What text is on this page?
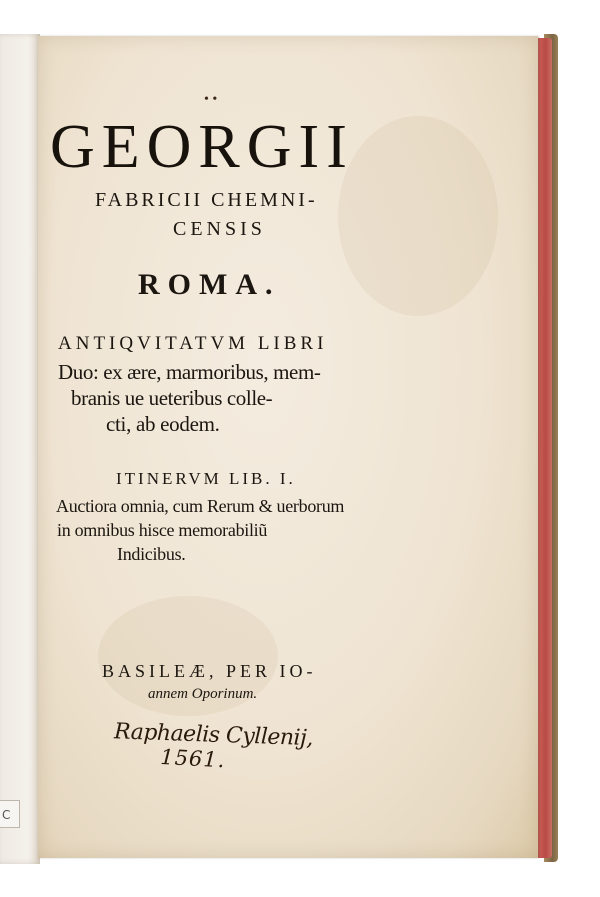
C
• •
GEORGII
FABRICII CHEMNI-
CENSIS
ROMA.
ANTIQVITATVM LIBRI
Duo: ex ære, marmoribus, mem-
branis ue ueteribus colle-
cti, ab eodem.
ITINERVM LIB. I.
Auctiora omnia, cum Rerum & uerborum
in omnibus hisce memorabiliũ
Indicibus.
BASILEÆ, PER IO-
annem Oporinum.
Raphaelis Cyllenij,
1561.
